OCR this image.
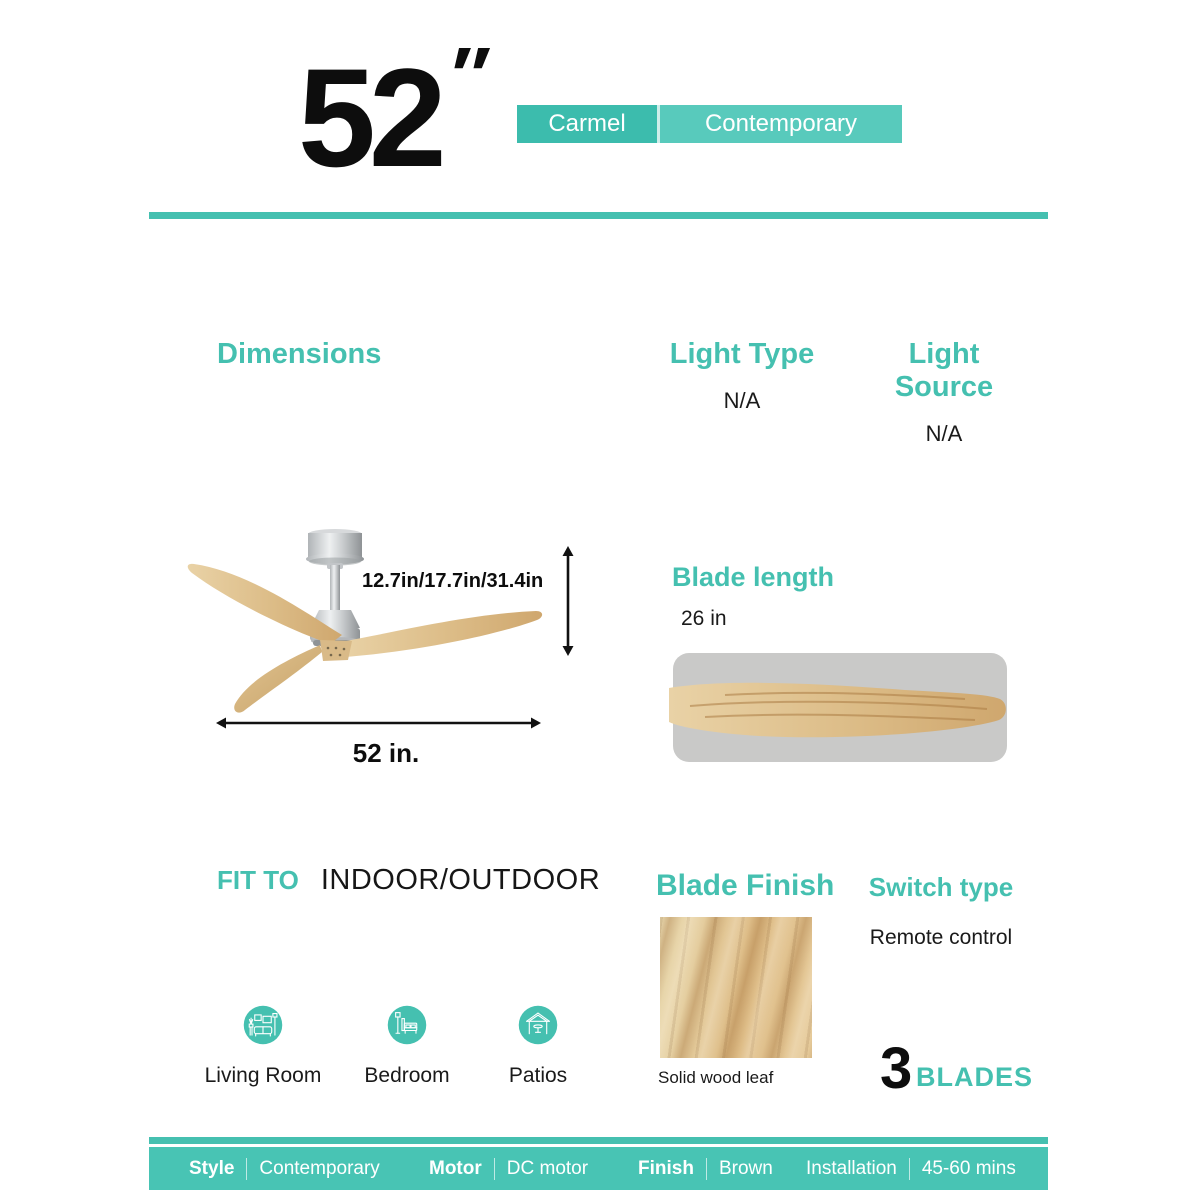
52 ″
Carmel	Contemporary
Dimensions	Light Type
N/A
Light Source
N/A
12.7in/17.7in/31.4in
52 in.
Blade length
26 in
FIT TO INDOOR/OUTDOOR
Living Room Bedroom	Patios
Blade Finish
Solid wood leaf
Switch type
Remote control
3 BLADES
Style Contemporary	Motor DC motor	Finish Brown Installation 45-60 mins
